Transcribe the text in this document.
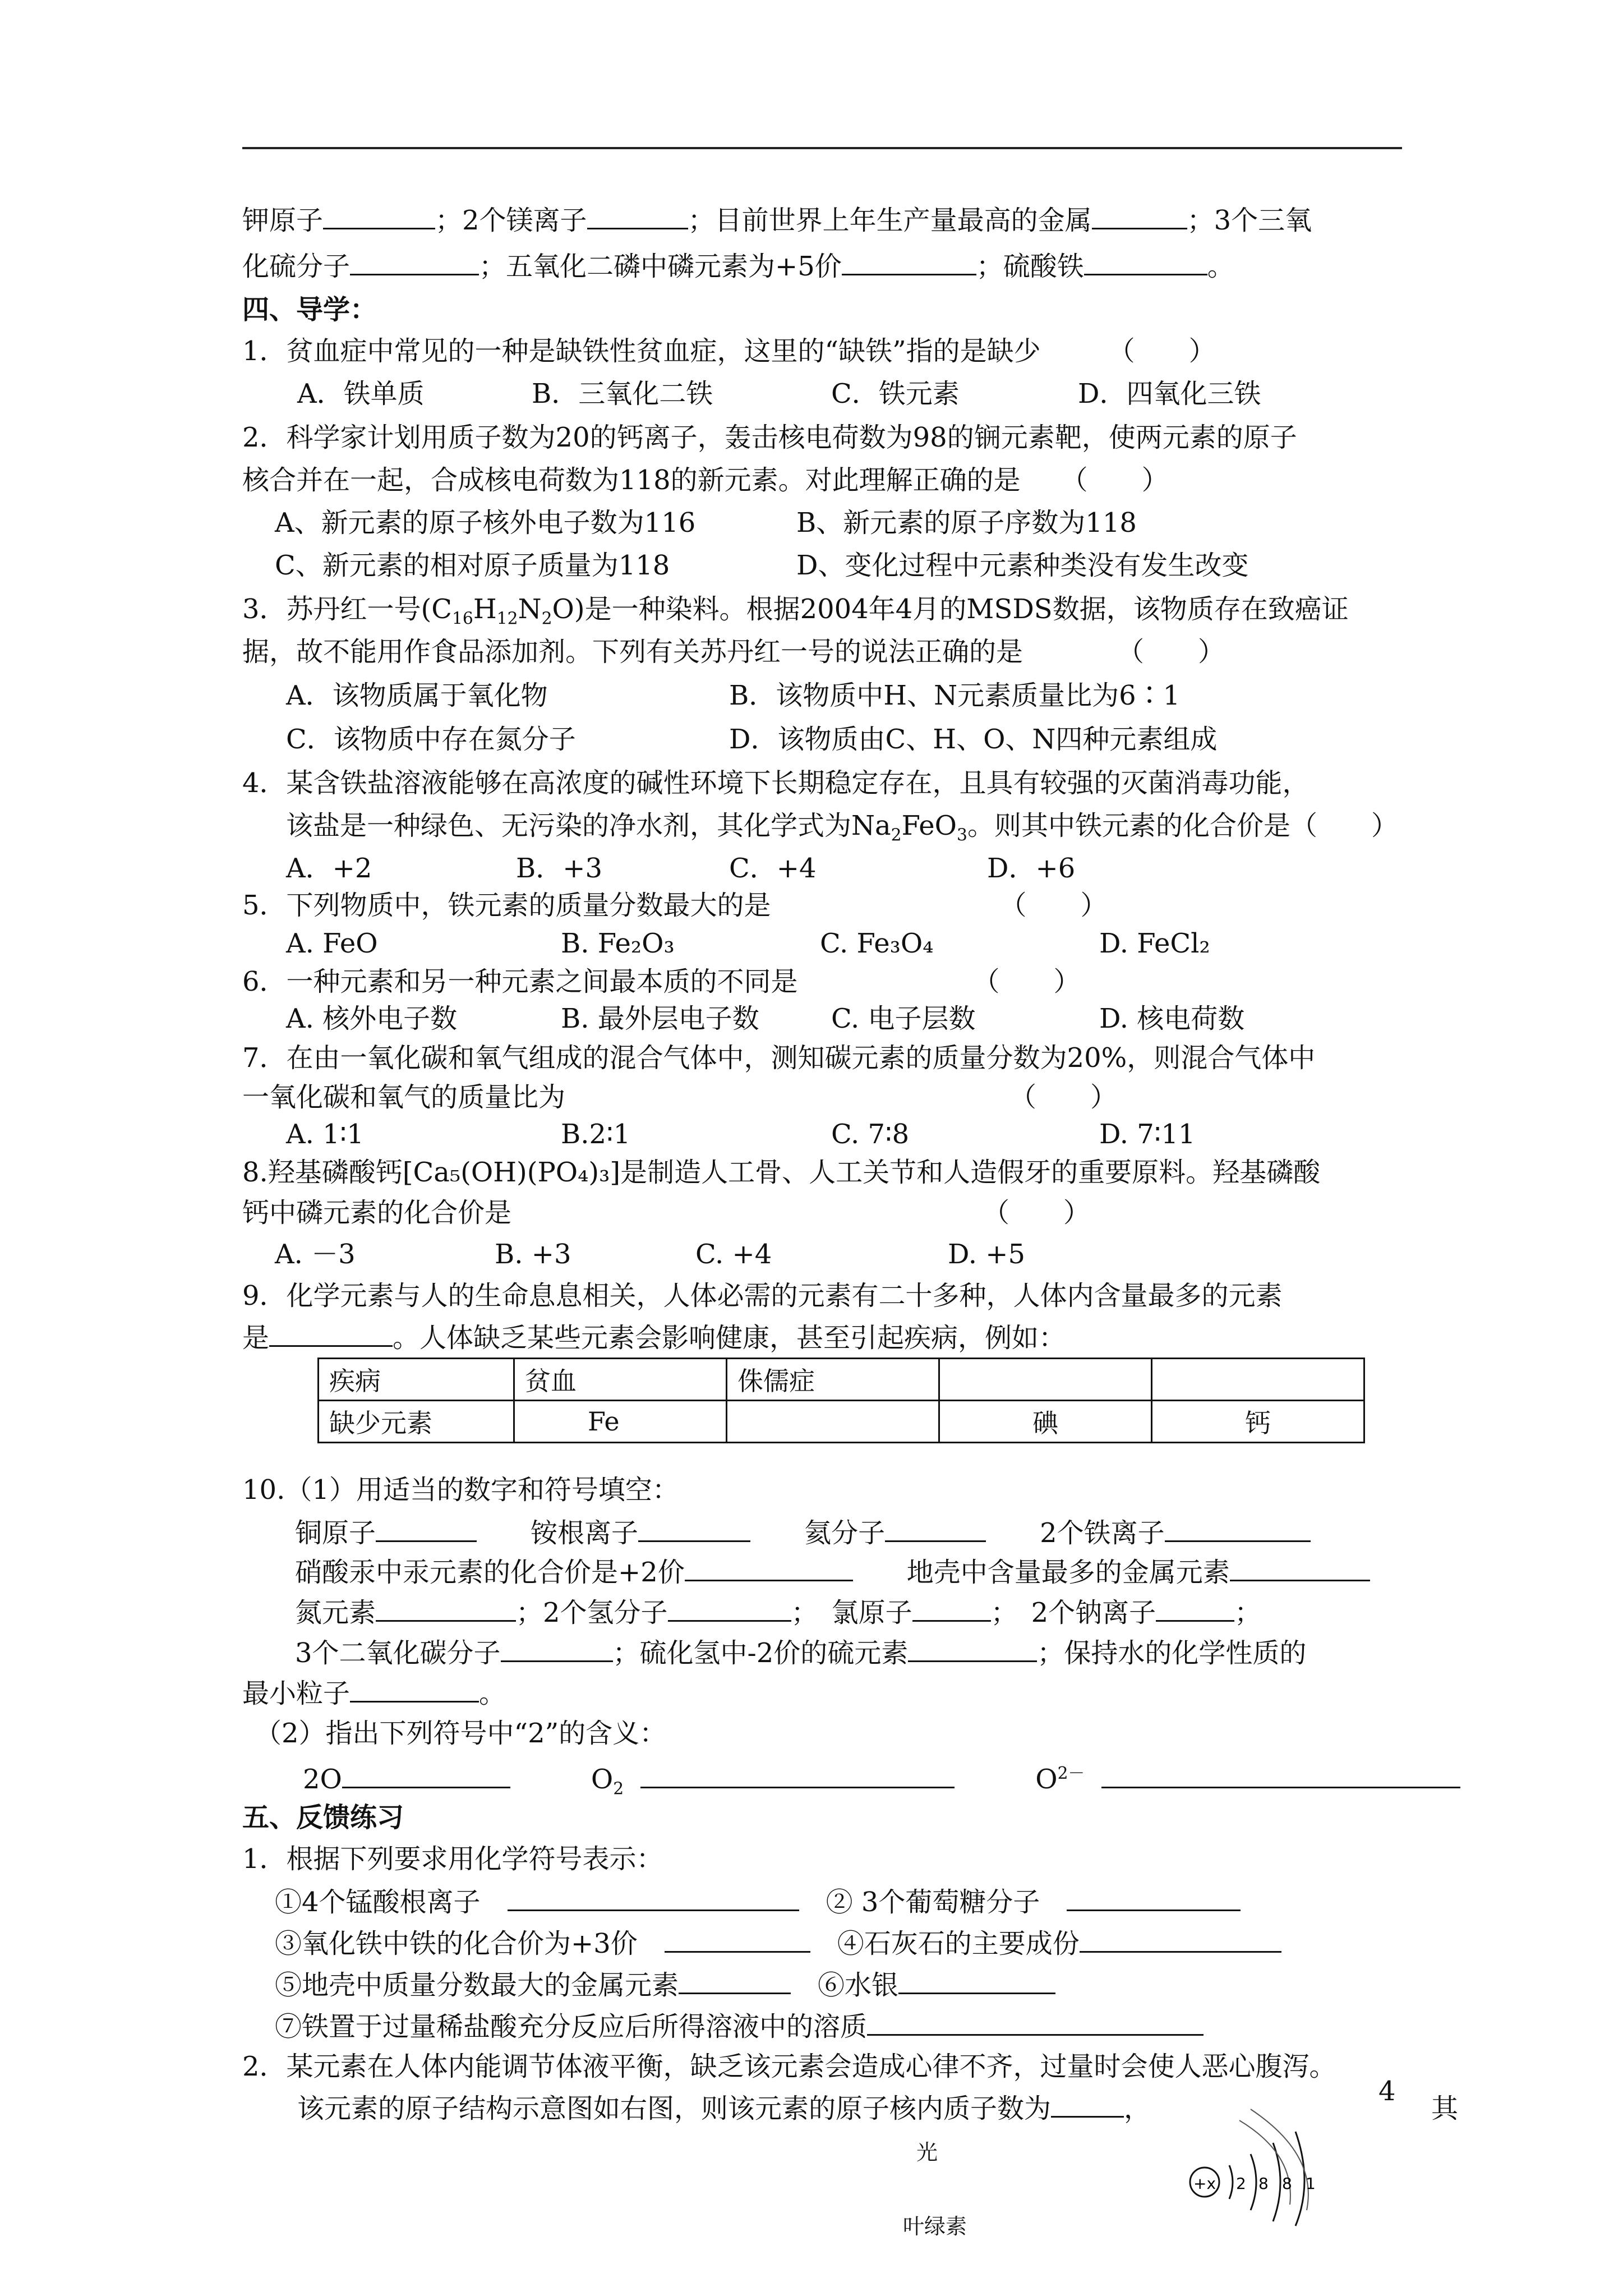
钾原子	；2个镁离子	；目前世界上年生产量最高的金属	；3个三氧
化硫分子	；五氧化二磷中磷元素为+5价	；硫酸铁	。
四、导学：
1．贫血症中常见的一种是缺铁性贫血症，这里的“缺铁”指的是缺少　　　（　　）
A．铁单质	B．三氧化二铁	C．铁元素	D．四氧化三铁
2．科学家计划用质子数为20的钙离子，轰击核电荷数为98的锎元素靶，使两元素的原子
核合并在一起，合成核电荷数为118的新元素。对此理解正确的是　　（　　）
A、新元素的原子核外电子数为116	B、新元素的原子序数为118
C、新元素的相对原子质量为118	D、变化过程中元素种类没有发生改变
3．苏丹红一号$(C_{16}H_{12}N_2O)$是一种染料。根据2004年4月的MSDS数据，该物质存在致癌证
据，故不能用作食品添加剂。下列有关苏丹红一号的说法正确的是　　　　（　　）
A．该物质属于氧化物	B．该物质中H、N元素质量比为6∶1
C．该物质中存在氮分子	D．该物质由C、H、O、N四种元素组成
4．某含铁盐溶液能够在高浓度的碱性环境下长期稳定存在，且具有较强的灭菌消毒功能，
该盐是一种绿色、无污染的净水剂，其化学式为$Na_2FeO_3$。则其中铁元素的化合价是（　　）
A．+2	B．+3	C．+4	D．+6
5．下列物质中，铁元素的质量分数最大的是　　　　　　　　　（　　）
A. FeO	B. Fe₂O₃	C. Fe₃O₄	D. FeCl₂
6．一种元素和另一种元素之间最本质的不同是　　　　　　　（　　）
A. 核外电子数	B. 最外层电子数	C. 电子层数	D. 核电荷数
7．在由一氧化碳和氧气组成的混合气体中，测知碳元素的质量分数为20%，则混合气体中
一氧化碳和氧气的质量比为　　　　　　　　　　　　　　　　　（　　）
A. 1∶1	B.2∶1	C. 7∶8	D. 7∶11
8.羟基磷酸钙[Ca₅(OH)(PO₄)₃]是制造人工骨、人工关节和人造假牙的重要原料。羟基磷酸
钙中磷元素的化合价是　　　　　　　　　　　　　　　　　　（　　）
A. －3	B. +3	C. +4	D. +5
9．化学元素与人的生命息息相关，人体必需的元素有二十多种，人体内含量最多的元素
是	。人体缺乏某些元素会影响健康，甚至引起疾病，例如：
疾病	贫血	侏儒症		
缺少元素	Fe		碘	钙
10.（1）用适当的数字和符号填空：
铜原子　　	铵根离子　　	氦分子　　	2个铁离子
硝酸汞中汞元素的化合价是+2价　　	地壳中含量最多的金属元素
氮元素	；2个氢分子	；　氯原子	；　2个钠离子	；
3个二氧化碳分子	；硫化氢中-2价的硫元素	；保持水的化学性质的
最小粒子	。
（2）指出下列符号中“2”的含义：
2O　　　	$O_2$　　　	$O^{2-}$
五、反馈练习
1．根据下列要求用化学符号表示：
①4个锰酸根离子　　	② 3个葡萄糖分子　
③氧化铁中铁的化合价为+3价　　	④石灰石的主要成份
⑤地壳中质量分数最大的金属元素　	⑥水银
⑦铁置于过量稀盐酸充分反应后所得溶液中的溶质
2．某元素在人体内能调节体液平衡，缺乏该元素会造成心律不齐，过量时会使人恶心腹泻。
该元素的原子结构示意图如右图，则该元素的原子核内质子数为	，	其
+x 2 8 8 1
4
光
叶绿素
